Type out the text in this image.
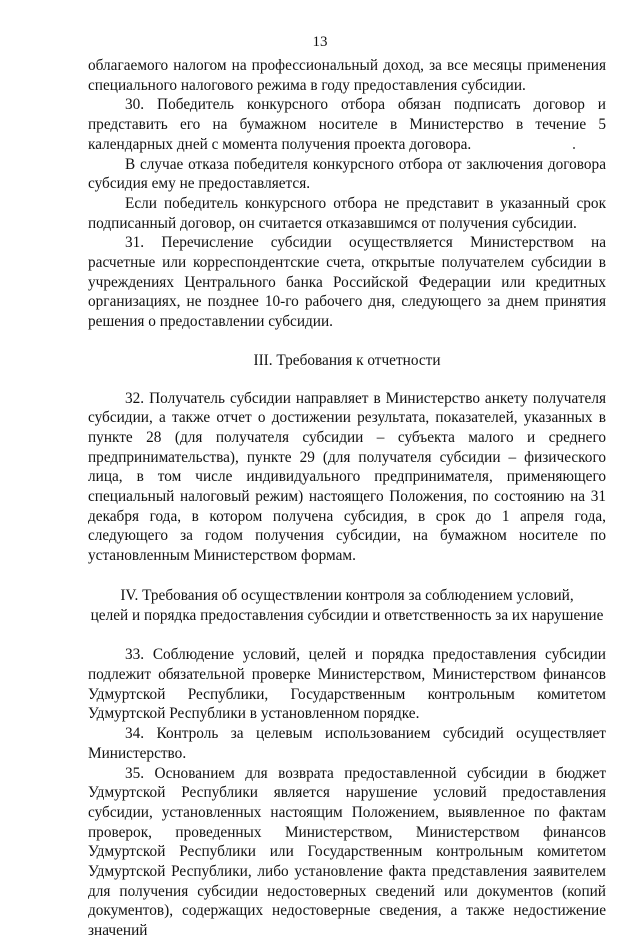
13

облагаемого налогом на профессиональный доход, за все месяцы применения специального налогового режима в году предоставления субсидии.

30. Победитель конкурсного отбора обязан подписать договор и представить его на бумажном носителе в Министерство в течение 5 календарных дней с момента получения проекта договора.

В случае отказа победителя конкурсного отбора от заключения договора субсидия ему не предоставляется.

Если победитель конкурсного отбора не представит в указанный срок подписанный договор, он считается отказавшимся от получения субсидии.

31. Перечисление субсидии осуществляется Министерством на расчетные или корреспондентские счета, открытые получателем субсидии в учреждениях Центрального банка Российской Федерации или кредитных организациях, не позднее 10-го рабочего дня, следующего за днем принятия решения о предоставлении субсидии.

III. Требования к отчетности

32. Получатель субсидии направляет в Министерство анкету получателя субсидии, а также отчет о достижении результата, показателей, указанных в пункте 28 (для получателя субсидии – субъекта малого и среднего предпринимательства), пункте 29 (для получателя субсидии – физического лица, в том числе индивидуального предпринимателя, применяющего специальный налоговый режим) настоящего Положения, по состоянию на 31 декабря года, в котором получена субсидия, в срок до 1 апреля года, следующего за годом получения субсидии, на бумажном носителе по установленным Министерством формам.

IV. Требования об осуществлении контроля за соблюдением условий,

целей и порядка предоставления субсидии и ответственность за их нарушение

33. Соблюдение условий, целей и порядка предоставления субсидии подлежит обязательной проверке Министерством, Министерством финансов Удмуртской Республики, Государственным контрольным комитетом Удмуртской Республики в установленном порядке.

34. Контроль за целевым использованием субсидий осуществляет Министерство.

35. Основанием для возврата предоставленной субсидии в бюджет Удмуртской Республики является нарушение условий предоставления субсидии, установленных настоящим Положением, выявленное по фактам проверок, проведенных Министерством, Министерством финансов Удмуртской Республики или Государственным контрольным комитетом Удмуртской Республики, либо установление факта представления заявителем для получения субсидии недостоверных сведений или документов (копий документов), содержащих недостоверные сведения, а также недостижение значений
